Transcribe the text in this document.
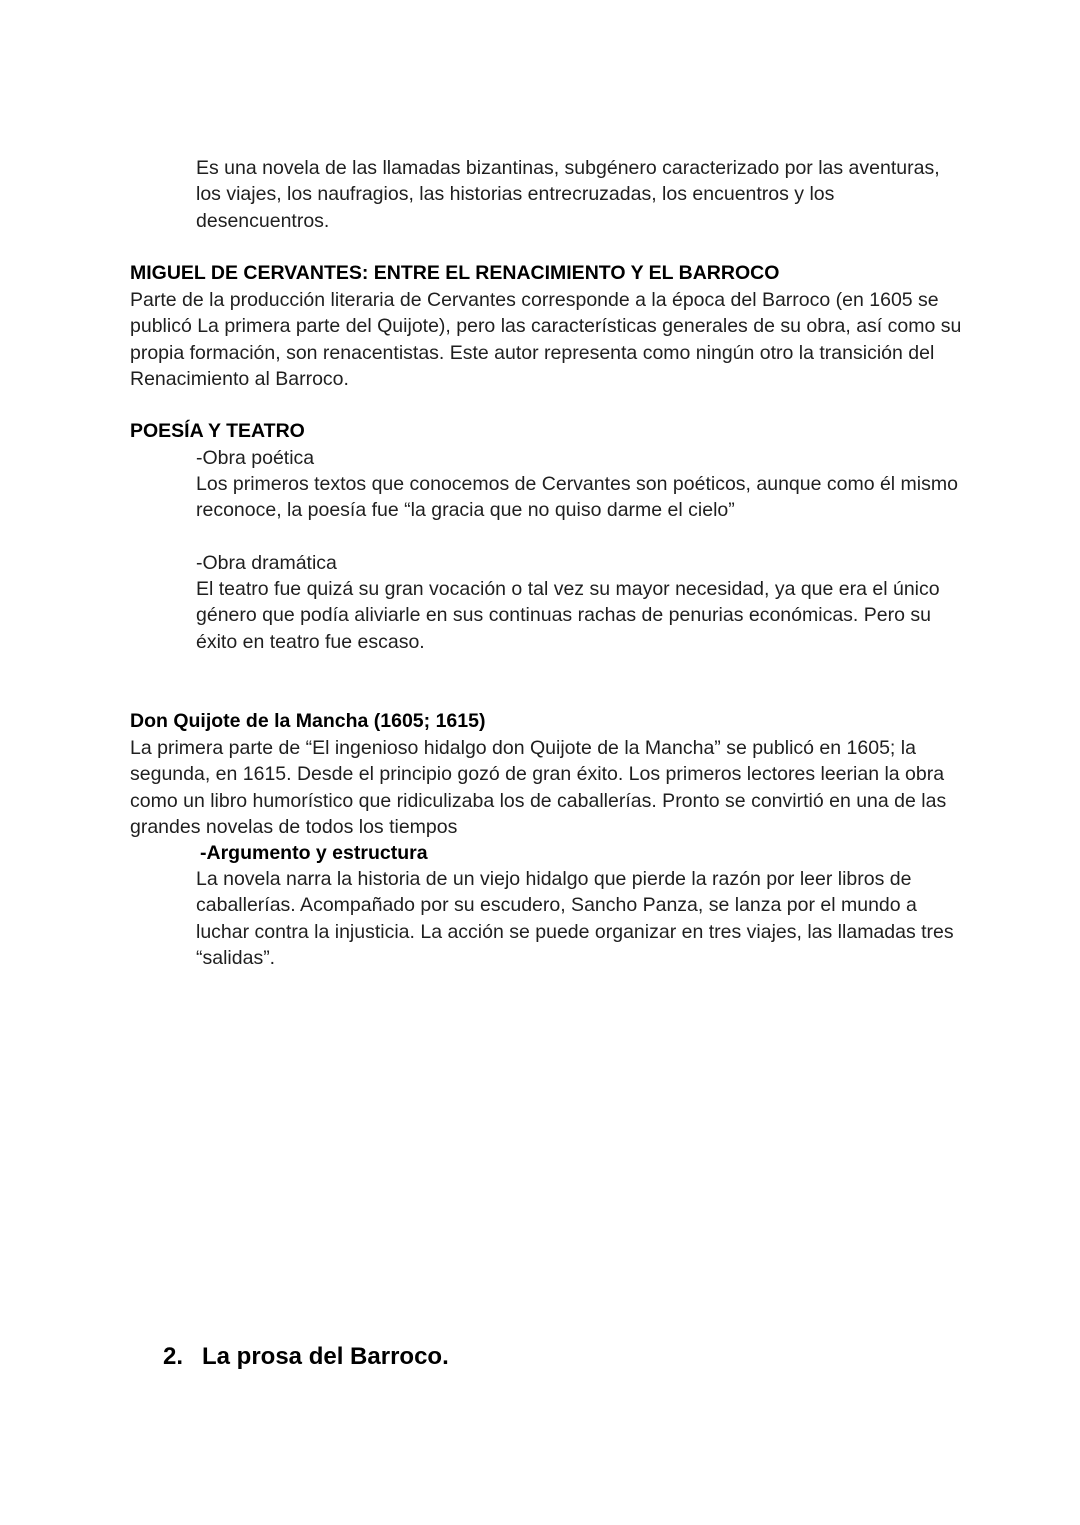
Es una novela de las llamadas bizantinas, subgénero caracterizado por las aventuras, los viajes, los naufragios, las historias entrecruzadas, los encuentros y los desencuentros.

MIGUEL DE CERVANTES: ENTRE EL RENACIMIENTO Y EL BARROCO

Parte de la producción literaria de Cervantes corresponde a la época del Barroco (en 1605 se publicó La primera parte del Quijote), pero las características generales de su obra, así como su propia formación, son renacentistas. Este autor representa como ningún otro la transición del Renacimiento al Barroco.

POESÍA Y TEATRO

-Obra poética

Los primeros textos que conocemos de Cervantes son poéticos, aunque como él mismo reconoce, la poesía fue “la gracia que no quiso darme el cielo”

-Obra dramática

El teatro fue quizá su gran vocación o tal vez su mayor necesidad, ya que era el único género que podía aliviarle en sus continuas rachas de penurias económicas. Pero su éxito en teatro fue escaso.

Don Quijote de la Mancha (1605; 1615)

La primera parte de “El ingenioso hidalgo don Quijote de la Mancha” se publicó en 1605; la segunda, en 1615. Desde el principio gozó de gran éxito. Los primeros lectores leerian la obra como un libro humorístico que ridiculizaba los de caballerías. Pronto se convirtió en una de las grandes novelas de todos los tiempos

-Argumento y estructura

La novela narra la historia de un viejo hidalgo que pierde la razón por leer libros de caballerías. Acompañado por su escudero, Sancho Panza, se lanza por el mundo a luchar contra la injusticia. La acción se puede organizar en tres viajes, las llamadas tres “salidas”.

2. La prosa del Barroco.
